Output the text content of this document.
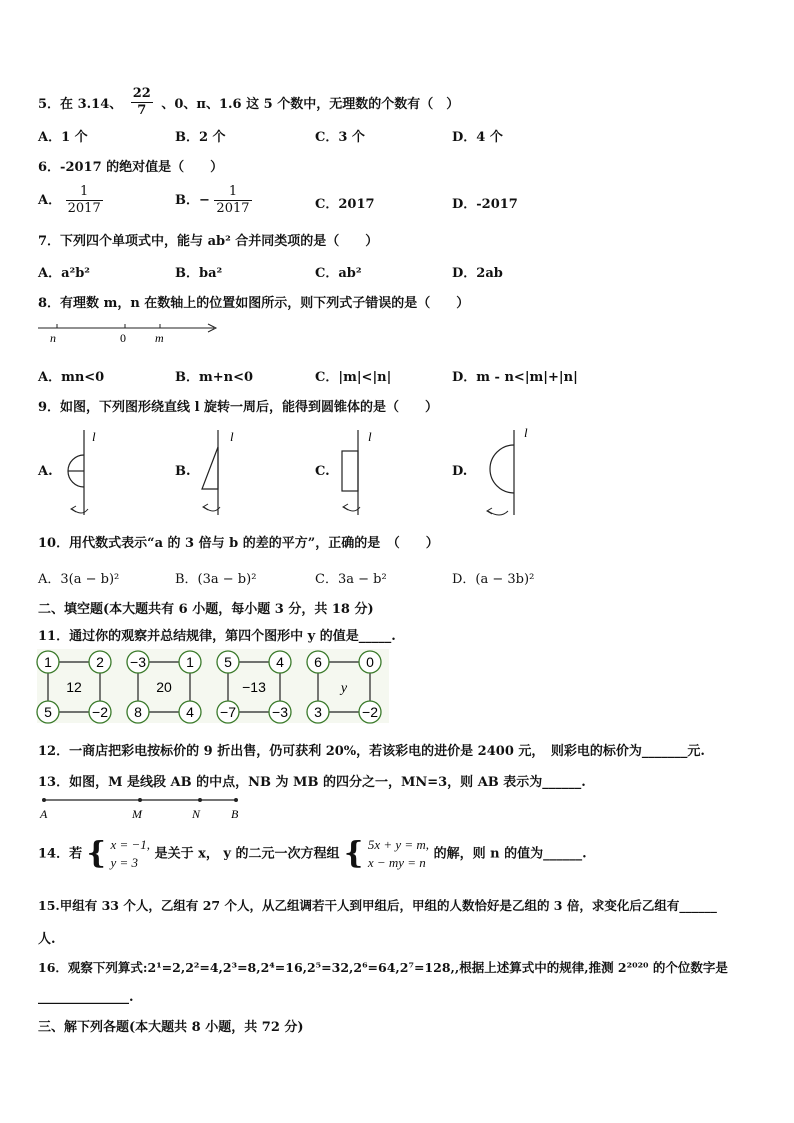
5．在 3.14、 $\frac{22}{7}$ 、0、π、1.6 这 5 个数中，无理数的个数有（　）
A．1 个	B．2 个	C．3 个	D．4 个
6．-2017 的绝对值是（　　）
A． $\frac{1}{2017}$	B．− $\frac{1}{2017}$	C．2017	D．-2017
7．下列四个单项式中，能与 ab² 合并同类项的是（　　）
A．a²b²	B．ba²	C．ab²	D．2ab
8．有理数 m，n 在数轴上的位置如图所示，则下列式子错误的是（　　）
n	0 m
A．mn<0	B．m+n<0	C．|m|<|n|	D．m - n<|m|+|n|
9．如图，下列图形绕直线 l 旋转一周后，能得到圆锥体的是（　　）
A.	B.	C.	D.
l	l	l	l
10．用代数式表示“a 的 3 倍与 b 的差的平方”，正确的是　（　　）
A．3(a − b)²	B．(3a − b)²	C．3a − b²	D．(a − 3b)²
二、填空题(本大题共有 6 小题，每小题 3 分，共 18 分)
11．通过你的观察并总结规律，第四个图形中 y 的值是_____.
1	2
5	−2
12
−3	1
8	4
20
5	4
−7	−3
−13
6	0
3	−2
y
12．一商店把彩电按标价的 9 折出售，仍可获利 20%，若该彩电的进价是 2400 元，　则彩电的标价为_______元.
13．如图，M 是线段 AB 的中点，NB 为 MB 的四分之一，MN=3，则 AB 表示为______.
A	M	N	B
14．若 { x = −1,
y = 3
是关于 x， y 的二元一次方程组 { 5x + y = m,
x − my = n
的解，则 n 的值为______.
15.甲组有 33 个人，乙组有 27 个人，从乙组调若干人到甲组后，甲组的人数恰好是乙组的 3 倍，求变化后乙组有______
人.
16．观察下列算式:2¹=2,2²=4,2³=8,2⁴=16,2⁵=32,2⁶=64,2⁷=128,,根据上述算式中的规律,推测 2²⁰²⁰ 的个位数字是
______________.
三、解下列各题(本大题共 8 小题，共 72 分)
